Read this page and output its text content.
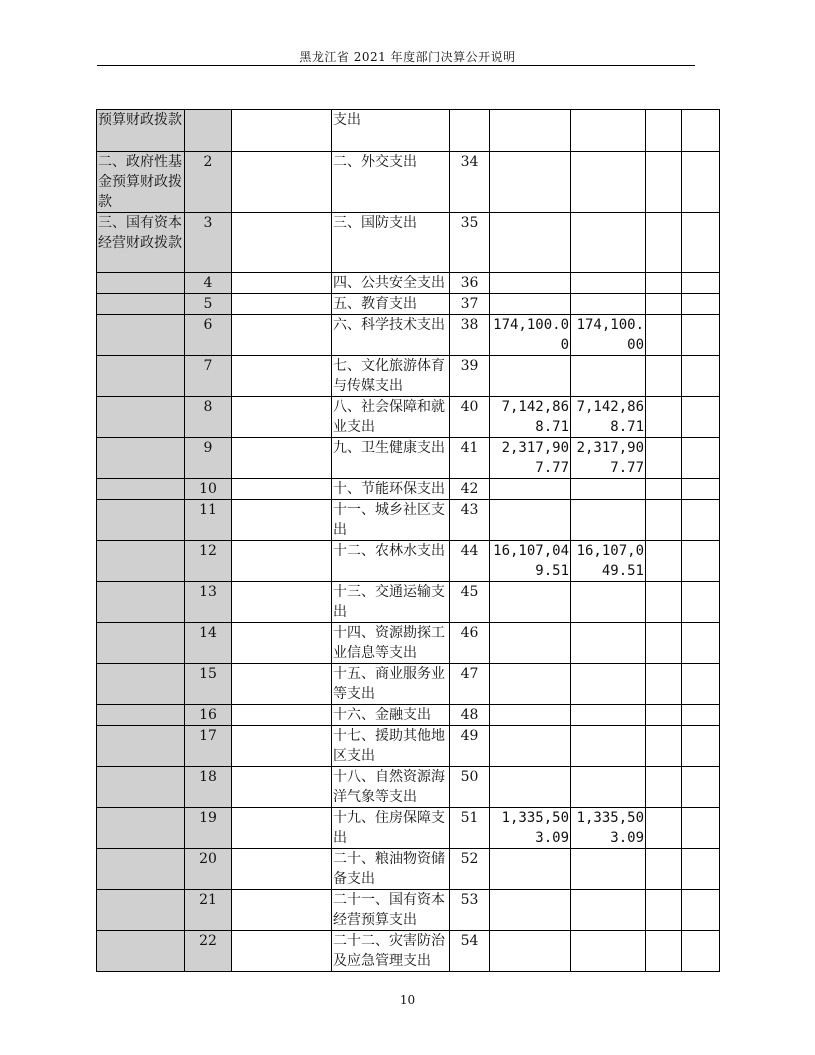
黑龙江省 2021 年度部门决算公开说明
预算财政拨款			支出					
二、政府性基金预算财政拨款	2		二、外交支出	34				
三、国有资本经营财政拨款	3		三、国防支出	35				
	4		四、公共安全支出	36				
	5		五、教育支出	37				
	6		六、科学技术支出	38	174,100.00	174,100.00		
	7		七、文化旅游体育与传媒支出	39				
	8		八、社会保障和就业支出	40	7,142,868.71	7,142,868.71		
	9		九、卫生健康支出	41	2,317,907.77	2,317,907.77		
	10		十、节能环保支出	42				
	11		十一、城乡社区支出	43				
	12		十二、农林水支出	44	16,107,049.51	16,107,049.51		
	13		十三、交通运输支出	45				
	14		十四、资源勘探工业信息等支出	46				
	15		十五、商业服务业等支出	47				
	16		十六、金融支出	48				
	17		十七、援助其他地区支出	49				
	18		十八、自然资源海洋气象等支出	50				
	19		十九、住房保障支出	51	1,335,503.09	1,335,503.09		
	20		二十、粮油物资储备支出	52				
	21		二十一、国有资本经营预算支出	53				
	22		二十二、灾害防治及应急管理支出	54				
10
